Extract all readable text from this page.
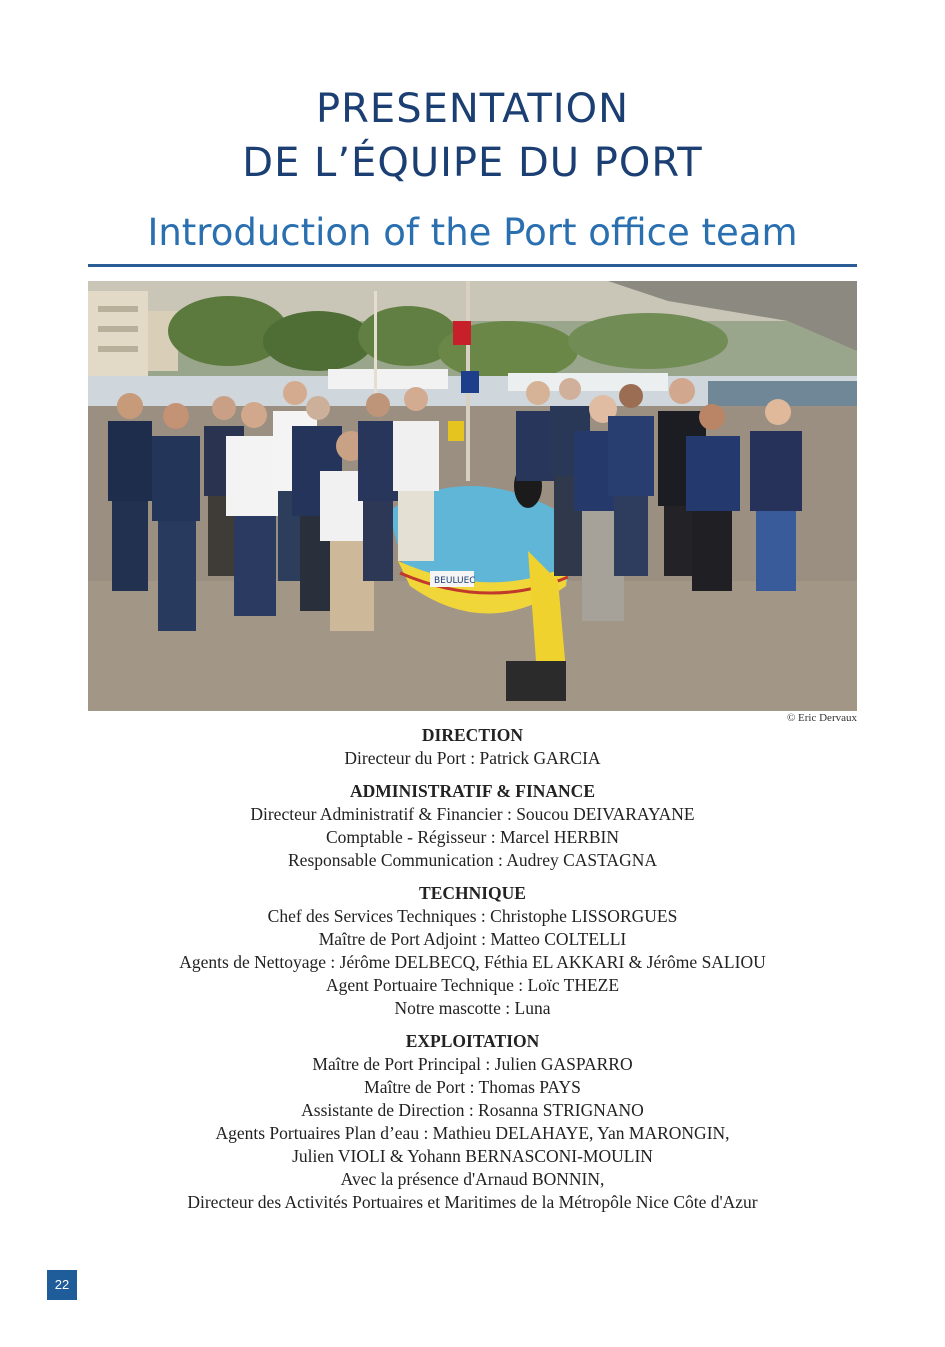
PRESENTATION
DE L’ÉQUIPE DU PORT
Introduction of the Port office team
BEULUEC
© Eric Dervaux
DIRECTION
Directeur du Port : Patrick GARCIA
ADMINISTRATIF & FINANCE
Directeur Administratif & Financier : Soucou DEIVARAYANE
Comptable - Régisseur : Marcel HERBIN
Responsable Communication : Audrey CASTAGNA
TECHNIQUE
Chef des Services Techniques : Christophe LISSORGUES
Maître de Port Adjoint : Matteo COLTELLI
Agents de Nettoyage : Jérôme DELBECQ, Féthia EL AKKARI & Jérôme SALIOU
Agent Portuaire Technique : Loïc THEZE
Notre mascotte : Luna
EXPLOITATION
Maître de Port Principal : Julien GASPARRO
Maître de Port : Thomas PAYS
Assistante de Direction : Rosanna STRIGNANO
Agents Portuaires Plan d’eau : Mathieu DELAHAYE, Yan MARONGIN,
Julien VIOLI & Yohann BERNASCONI-MOULIN
Avec la présence d'Arnaud BONNIN,
Directeur des Activités Portuaires et Maritimes de la Métropôle Nice Côte d'Azur
22
